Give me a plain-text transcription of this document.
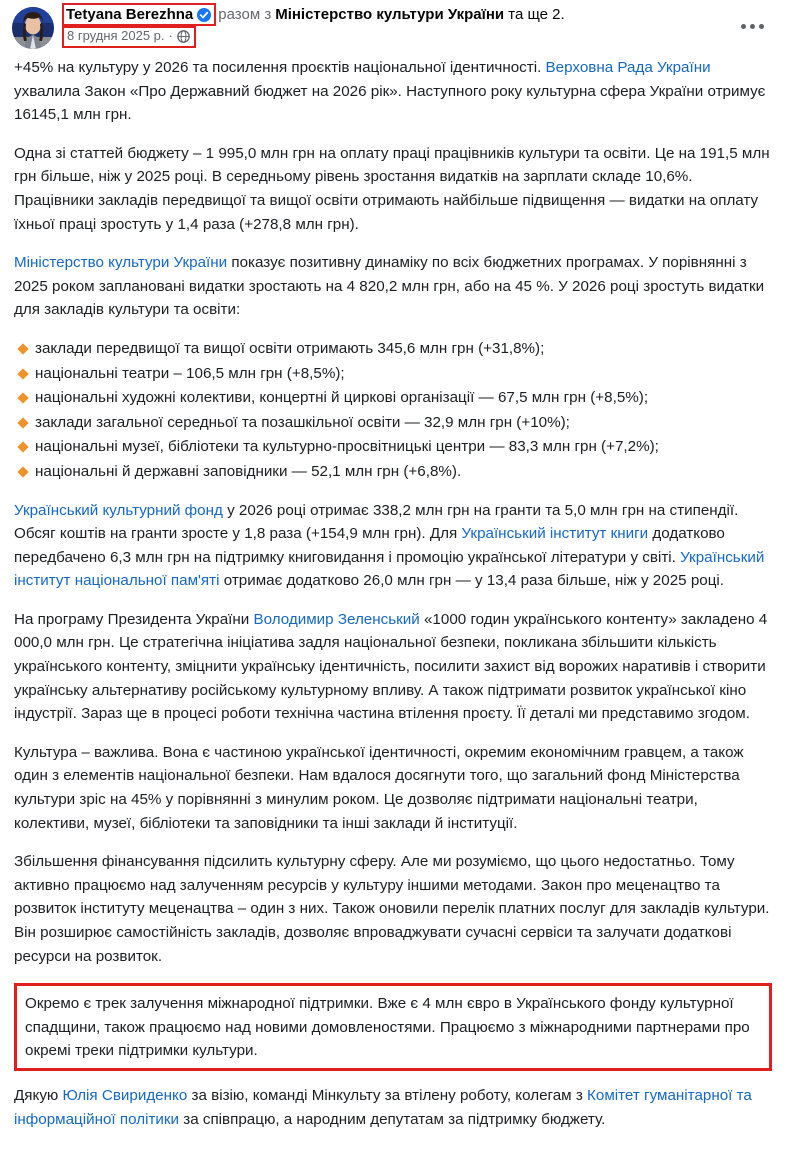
Tetyana Berezhna разом з Міністерство культури України
та ще 2.
8 грудня 2025 р. ·

+45% на культуру у 2026 та посилення проєктів національної ідентичності. Верховна Рада України ухвалила Закон «Про Державний бюджет на 2026 рік». Наступного року культурна сфера України отримує 16145,1 млн грн.

Одна зі статтей бюджету – 1 995,0 млн грн на оплату праці працівників культури та освіти. Це на 191,5 млн грн більше, ніж у 2025 році. В середньому рівень зростання видатків на зарплати складе 10,6%. Працівники закладів передвищої та вищої освіти отримають найбільше підвищення — видатки на оплату їхньої праці зростуть у 1,4 раза (+278,8 млн грн).

Міністерство культури України показує позитивну динаміку по всіх бюджетних програмах. У порівнянні з 2025 роком заплановані видатки зростають на 4 820,2 млн грн, або на 45 %. У 2026 році зростуть видатки для закладів культури та освіти:

заклади передвищої та вищої освіти отримають 345,6 млн грн (+31,8%);
національні театри – 106,5 млн грн (+8,5%);
національні художні колективи, концертні й циркові організації — 67,5 млн грн (+8,5%);
заклади загальної середньої та позашкільної освіти — 32,9 млн грн (+10%);
національні музеї, бібліотеки та культурно-просвітницькі центри — 83,3 млн грн (+7,2%);
національні й державні заповідники — 52,1 млн грн (+6,8%).

Український культурний фонд у 2026 році отримає 338,2 млн грн на гранти та 5,0 млн грн на стипендії. Обсяг коштів на гранти зросте у 1,8 раза (+154,9 млн грн). Для Український інститут книги додатково передбачено 6,3 млн грн на підтримку книговидання і промоцію української літератури у світі. Український інститут національної пам'яті отримає додатково 26,0 млн грн — у 13,4 раза більше, ніж у 2025 році.

На програму Президента України Володимир Зеленський «1000 годин українського контенту» закладено 4 000,0 млн грн. Це стратегічна ініціатива задля національної безпеки, покликана збільшити кількість українського контенту, зміцнити українську ідентичність, посилити захист від ворожих наративів і створити українську альтернативу російському культурному впливу. А також підтримати розвиток української кіно індустрії. Зараз ще в процесі роботи технічна частина втілення проєту. Її деталі ми представимо згодом.

Культура – важлива. Вона є частиною української ідентичності, окремим економічним гравцем, а також один з елементів національної безпеки. Нам вдалося досягнути того, що загальний фонд Міністерства культури зріс на 45% у порівнянні з минулим роком. Це дозволяє підтримати національні театри, колективи, музеї, бібліотеки та заповідники та інші заклади й інституції.

Збільшення фінансування підсилить культурну сферу. Але ми розуміємо, що цього недостатньо. Тому активно працюємо над залученням ресурсів у культуру іншими методами. Закон про меценацтво та розвиток інституту меценацтва – один з них. Також оновили перелік платних послуг для закладів культури. Він розширює самостійність закладів, дозволяє впроваджувати сучасні сервіси та залучати додаткові ресурси на розвиток.

Окремо є трек залучення міжнародної підтримки. Вже є 4 млн євро в Українського фонду культурної спадщини, також працюємо над новими домовленостями. Працюємо з міжнародними партнерами про окремі треки підтримки культури.

Дякую Юлія Свириденко за візію, команді Мінкульту за втілену роботу, колегам з Комітет гуманітарної та інформаційної політики за співпрацю, а народним депутатам за підтримку бюджету.
